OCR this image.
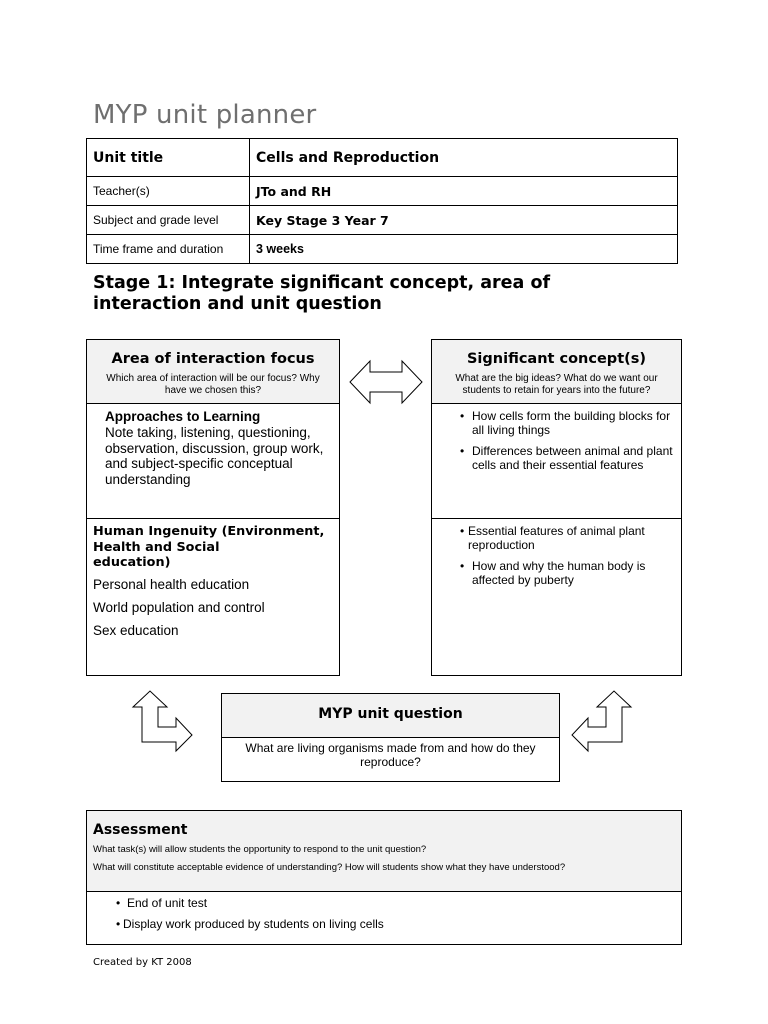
MYP unit planner
Unit title	Cells and Reproduction
Teacher(s)	JTo and RH
Subject and grade level	Key Stage 3 Year 7
Time frame and duration	3 weeks
Stage 1: Integrate significant concept, area of interaction and unit question
Area of interaction focus
Which area of interaction will be our focus? Why have we chosen this?
Approaches to Learning
Note taking, listening, questioning, observation, discussion, group work, and subject-specific conceptual understanding
Human Ingenuity (Environment,
Health and Social
education)
Personal health education
World population and control
Sex education
Significant concept(s)
What are the big ideas? What do we want our students to retain for years into the future?
• How cells form the building blocks for all living things
• Differences between animal and plant cells and their essential features
• Essential features of animal plant reproduction
• How and why the human body is affected by puberty
MYP unit question
What are living organisms made from and how do they reproduce?
Assessment
What task(s) will allow students the opportunity to respond to the unit question?
What will constitute acceptable evidence of understanding? How will students show what they have understood?
• End of unit test
• Display work produced by students on living cells
Created by KT 2008
